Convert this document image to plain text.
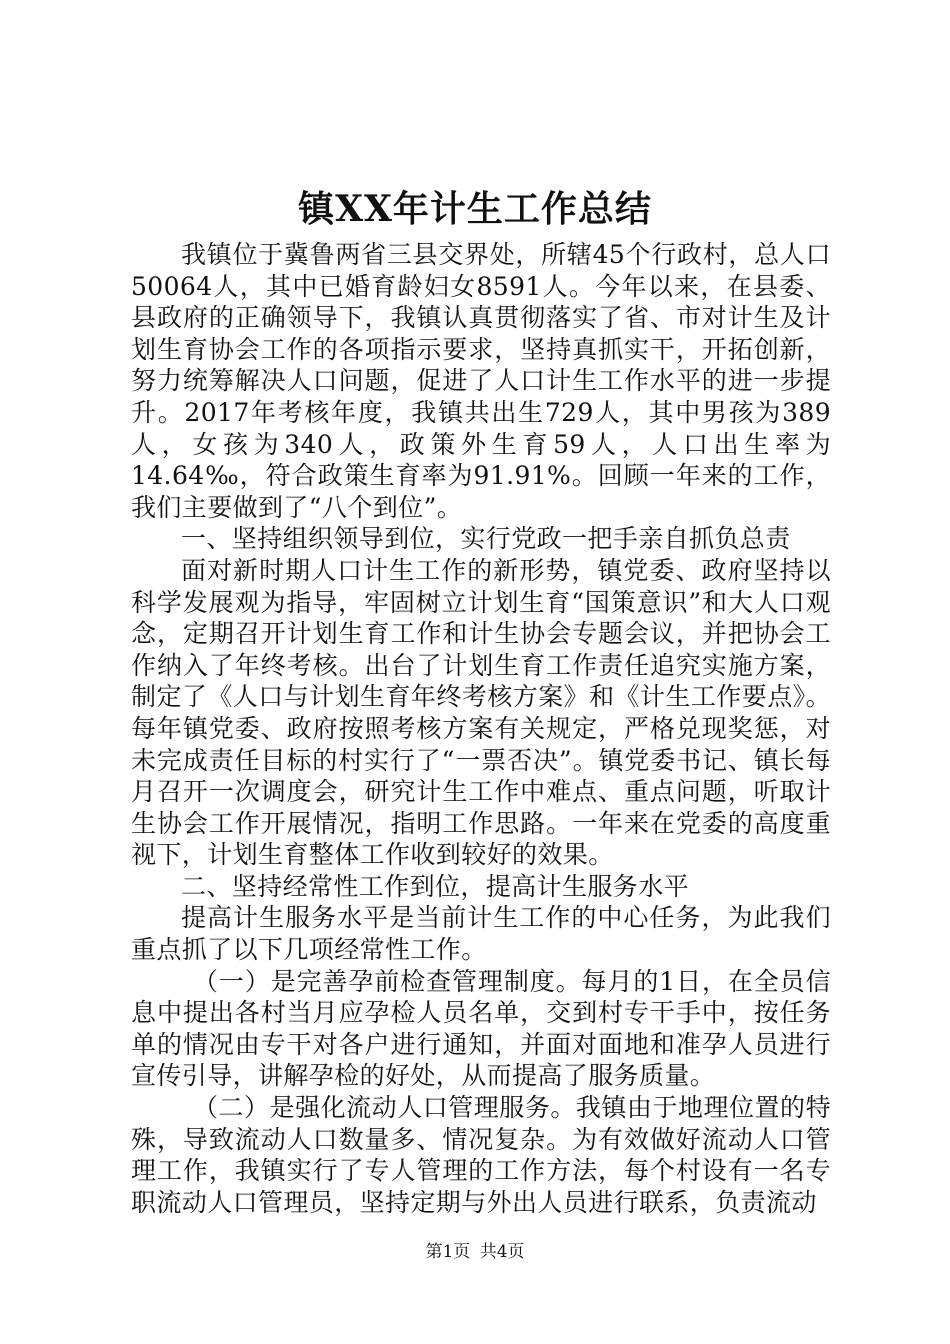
镇XX年计生工作总结

我镇位于冀鲁两省三县交界处，所辖45个行政村，总人口50064人，其中已婚育龄妇女8591人。今年以来，在县委、县政府的正确领导下，我镇认真贯彻落实了省、市对计生及计划生育协会工作的各项指示要求，坚持真抓实干，开拓创新，努力统筹解决人口问题，促进了人口计生工作水平的进一步提升。2017年考核年度，我镇共出生729人，其中男孩为389人，女孩为340人，政策外生育59人，人口出生率为14.64‰，符合政策生育率为91.91%。回顾一年来的工作，我们主要做到了“八个到位”。

一、坚持组织领导到位，实行党政一把手亲自抓负总责

面对新时期人口计生工作的新形势，镇党委、政府坚持以科学发展观为指导，牢固树立计划生育“国策意识”和大人口观念，定期召开计划生育工作和计生协会专题会议，并把协会工作纳入了年终考核。出台了计划生育工作责任追究实施方案，制定了《人口与计划生育年终考核方案》和《计生工作要点》。每年镇党委、政府按照考核方案有关规定，严格兑现奖惩，对未完成责任目标的村实行了“一票否决”。镇党委书记、镇长每月召开一次调度会，研究计生工作中难点、重点问题，听取计生协会工作开展情况，指明工作思路。一年来在党委的高度重视下，计划生育整体工作收到较好的效果。

二、坚持经常性工作到位，提高计生服务水平

提高计生服务水平是当前计生工作的中心任务，为此我们重点抓了以下几项经常性工作。

（一）是完善孕前检查管理制度。每月的1日，在全员信息中提出各村当月应孕检人员名单，交到村专干手中，按任务单的情况由专干对各户进行通知，并面对面地和准孕人员进行宣传引导，讲解孕检的好处，从而提高了服务质量。

（二）是强化流动人口管理服务。我镇由于地理位置的特殊，导致流动人口数量多、情况复杂。为有效做好流动人口管理工作，我镇实行了专人管理的工作方法，每个村设有一名专职流动人口管理员，坚持定期与外出人员进行联系，负责流动

第1页 共4页
